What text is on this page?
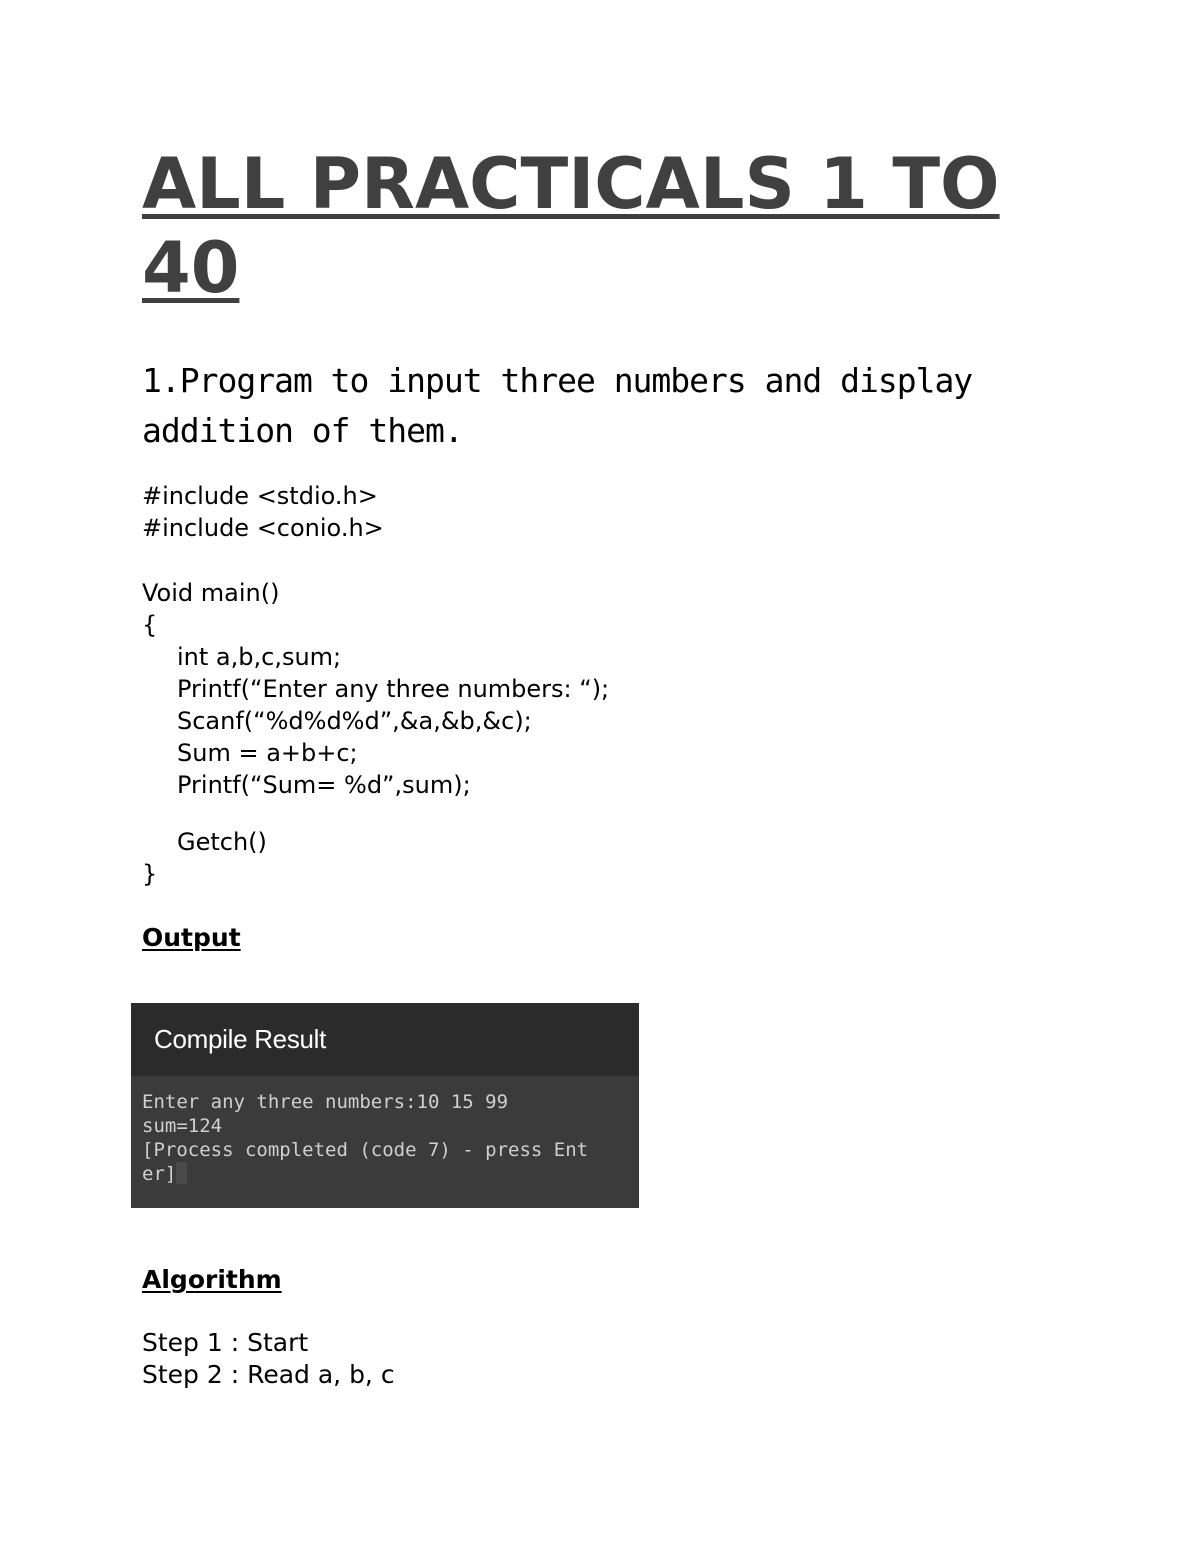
ALL PRACTICALS 1 TO 40
1.Program to input three numbers and display addition of them.
#include <stdio.h>
#include <conio.h>
Void main()
{
int a,b,c,sum;
Printf(“Enter any three numbers: “);
Scanf(“%d%d%d”,&a,&b,&c);
Sum = a+b+c;
Printf(“Sum= %d”,sum);
Getch()
}
Output
Compile Result
Enter any three numbers:10 15 99
sum=124
[Process completed (code 7) - press Ent
er]
Algorithm
Step 1 : Start
Step 2 : Read a, b, c
